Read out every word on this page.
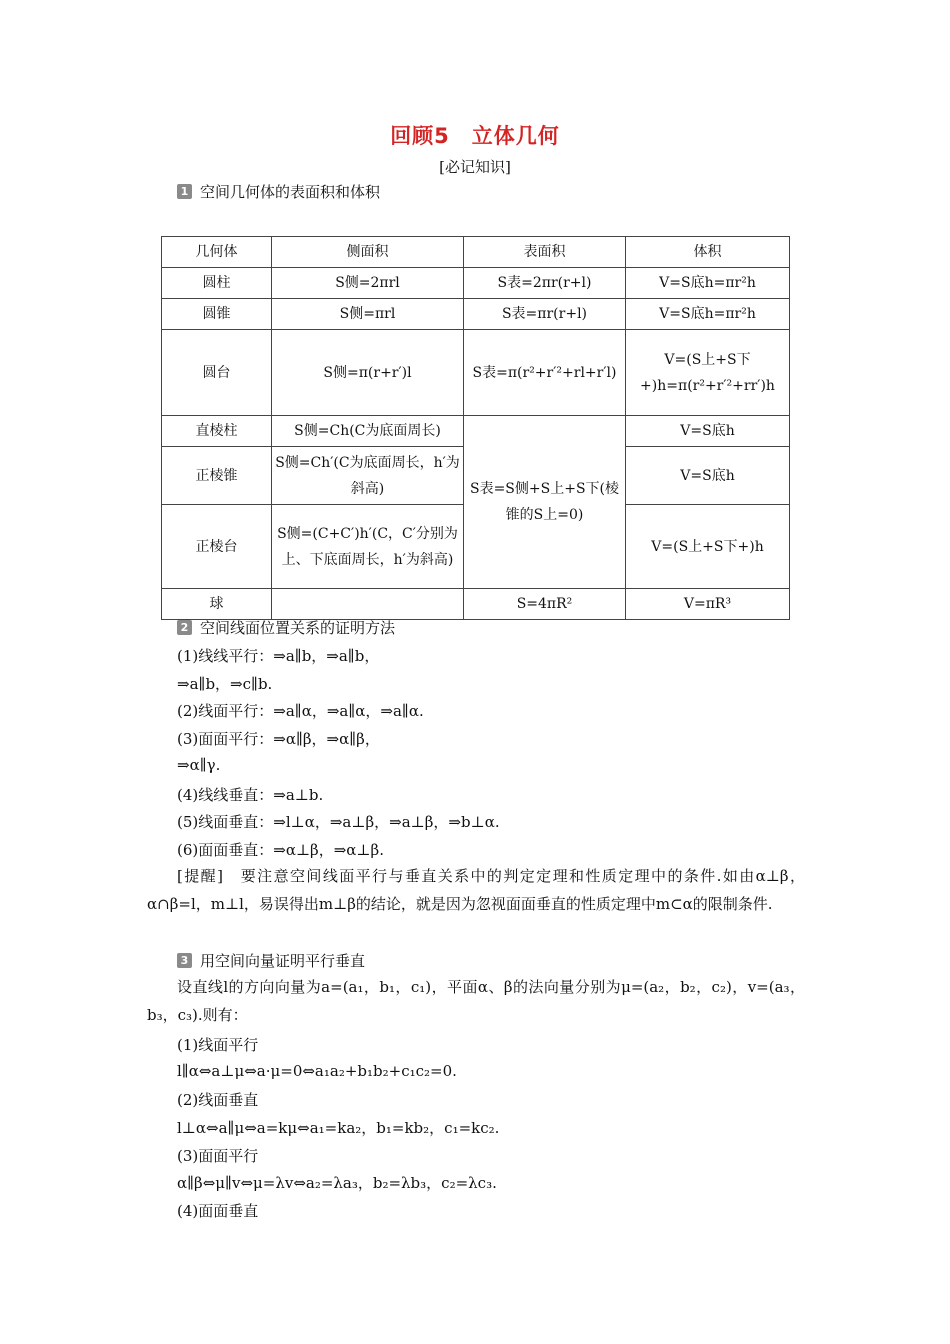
回顾5　立体几何
[必记知识]
1 空间几何体的表面积和体积
几何体	侧面积	表面积	体积
圆柱	S侧=2πrl	S表=2πr(r+l)	V=S底h=πr²h
圆锥	S侧=πrl	S表=πr(r+l)	V=S底h=πr²h
圆台	S侧=π(r+r′)l	S表=π(r²+r′²+rl+r′l)	V=(S上+S下+)h=π(r²+r′²+rr′)h
直棱柱	S侧=Ch(C为底面周长)	S表=S侧+S上+S下(棱锥的S上=0)	V=S底h
正棱锥	S侧=Ch′(C为底面周长，h′为斜高)		V=S底h
正棱台	S侧=(C+C′)h′(C，C′分别为上、下底面周长，h′为斜高)		V=(S上+S下+)h
球		S=4πR²	V=πR³
2 空间线面位置关系的证明方法
(1)线线平行：⇒a∥b，⇒a∥b，
⇒a∥b，⇒c∥b.
(2)线面平行：⇒a∥α，⇒a∥α，⇒a∥α.
(3)面面平行：⇒α∥β，⇒α∥β，
⇒α∥γ.
(4)线线垂直：⇒a⊥b.
(5)线面垂直：⇒l⊥α，⇒a⊥β，⇒a⊥β，⇒b⊥α.
(6)面面垂直：⇒α⊥β，⇒α⊥β.
[提醒]　要注意空间线面平行与垂直关系中的判定定理和性质定理中的条件.如由α⊥β，α∩β=l，m⊥l，易误得出m⊥β的结论，就是因为忽视面面垂直的性质定理中m⊂α的限制条件.
3 用空间向量证明平行垂直
设直线l的方向向量为a=(a₁，b₁，c₁)，平面α、β的法向量分别为μ=(a₂，b₂，c₂)，v=(a₃，b₃，c₃).则有：
(1)线面平行
l∥α⇔a⊥μ⇔a·μ=0⇔a₁a₂+b₁b₂+c₁c₂=0.
(2)线面垂直
l⊥α⇔a∥μ⇔a=kμ⇔a₁=ka₂，b₁=kb₂，c₁=kc₂.
(3)面面平行
α∥β⇔μ∥v⇔μ=λv⇔a₂=λa₃，b₂=λb₃，c₂=λc₃.
(4)面面垂直
